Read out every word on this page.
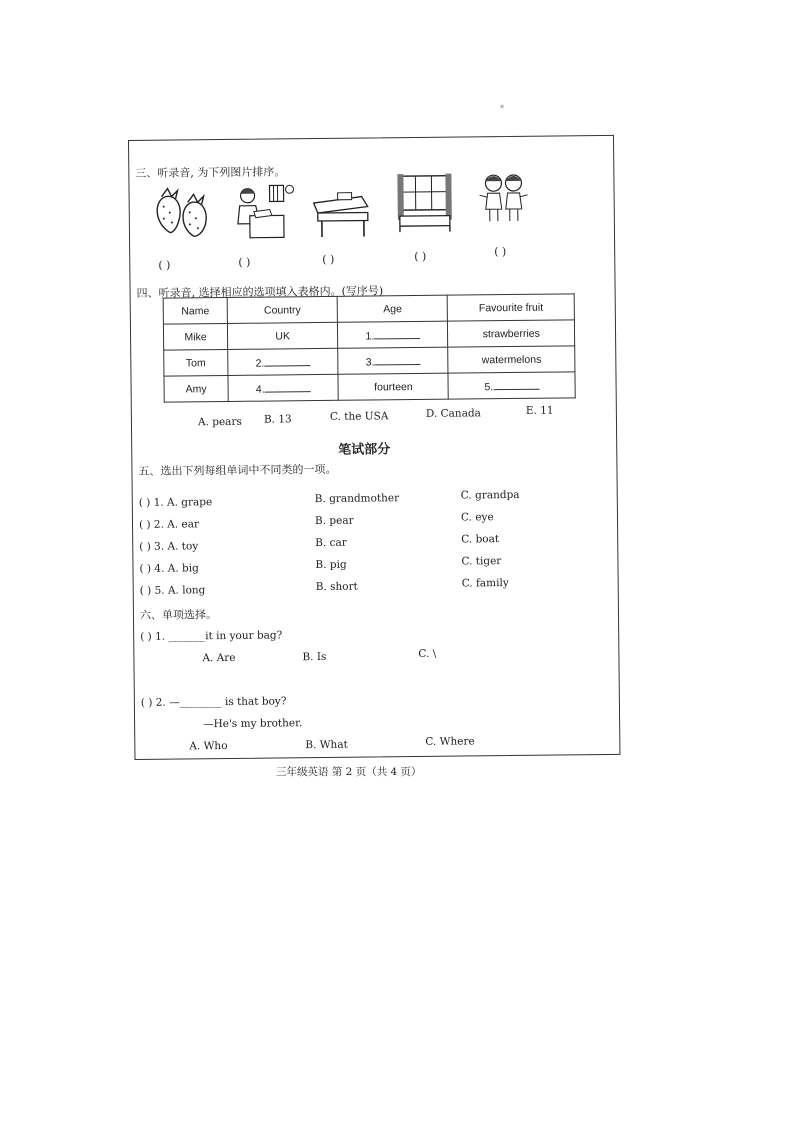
*
三、听录音, 为下列图片排序。
( )	( )	( )	( )	( )
四、听录音, 选择相应的选项填入表格内。(写序号)
Name	Country	Age	Favourite fruit
Mike	UK	1.	strawberries
Tom	2.	3.	watermelons
Amy	4.	fourteen	5.
A. pears B. 13	C. the USA	D. Canada	E. 11
笔试部分
五、选出下列每组单词中不同类的一项。
( ) 1. A. grape	B. grandmother	C. grandpa
( ) 2. A. ear	B. pear	C. eye
( ) 3. A. toy	B. car	C. boat
( ) 4. A. big	B. pig	C. tiger
( ) 5. A. long	B. short	C. family
六、单项选择。
( ) 1. _______it in your bag?
A. Are	B. Is	C. \
( ) 2. —________ is that boy?
—He's my brother.
A. Who	B. What	C. Where
三年级英语 第 2 页（共 4 页）
